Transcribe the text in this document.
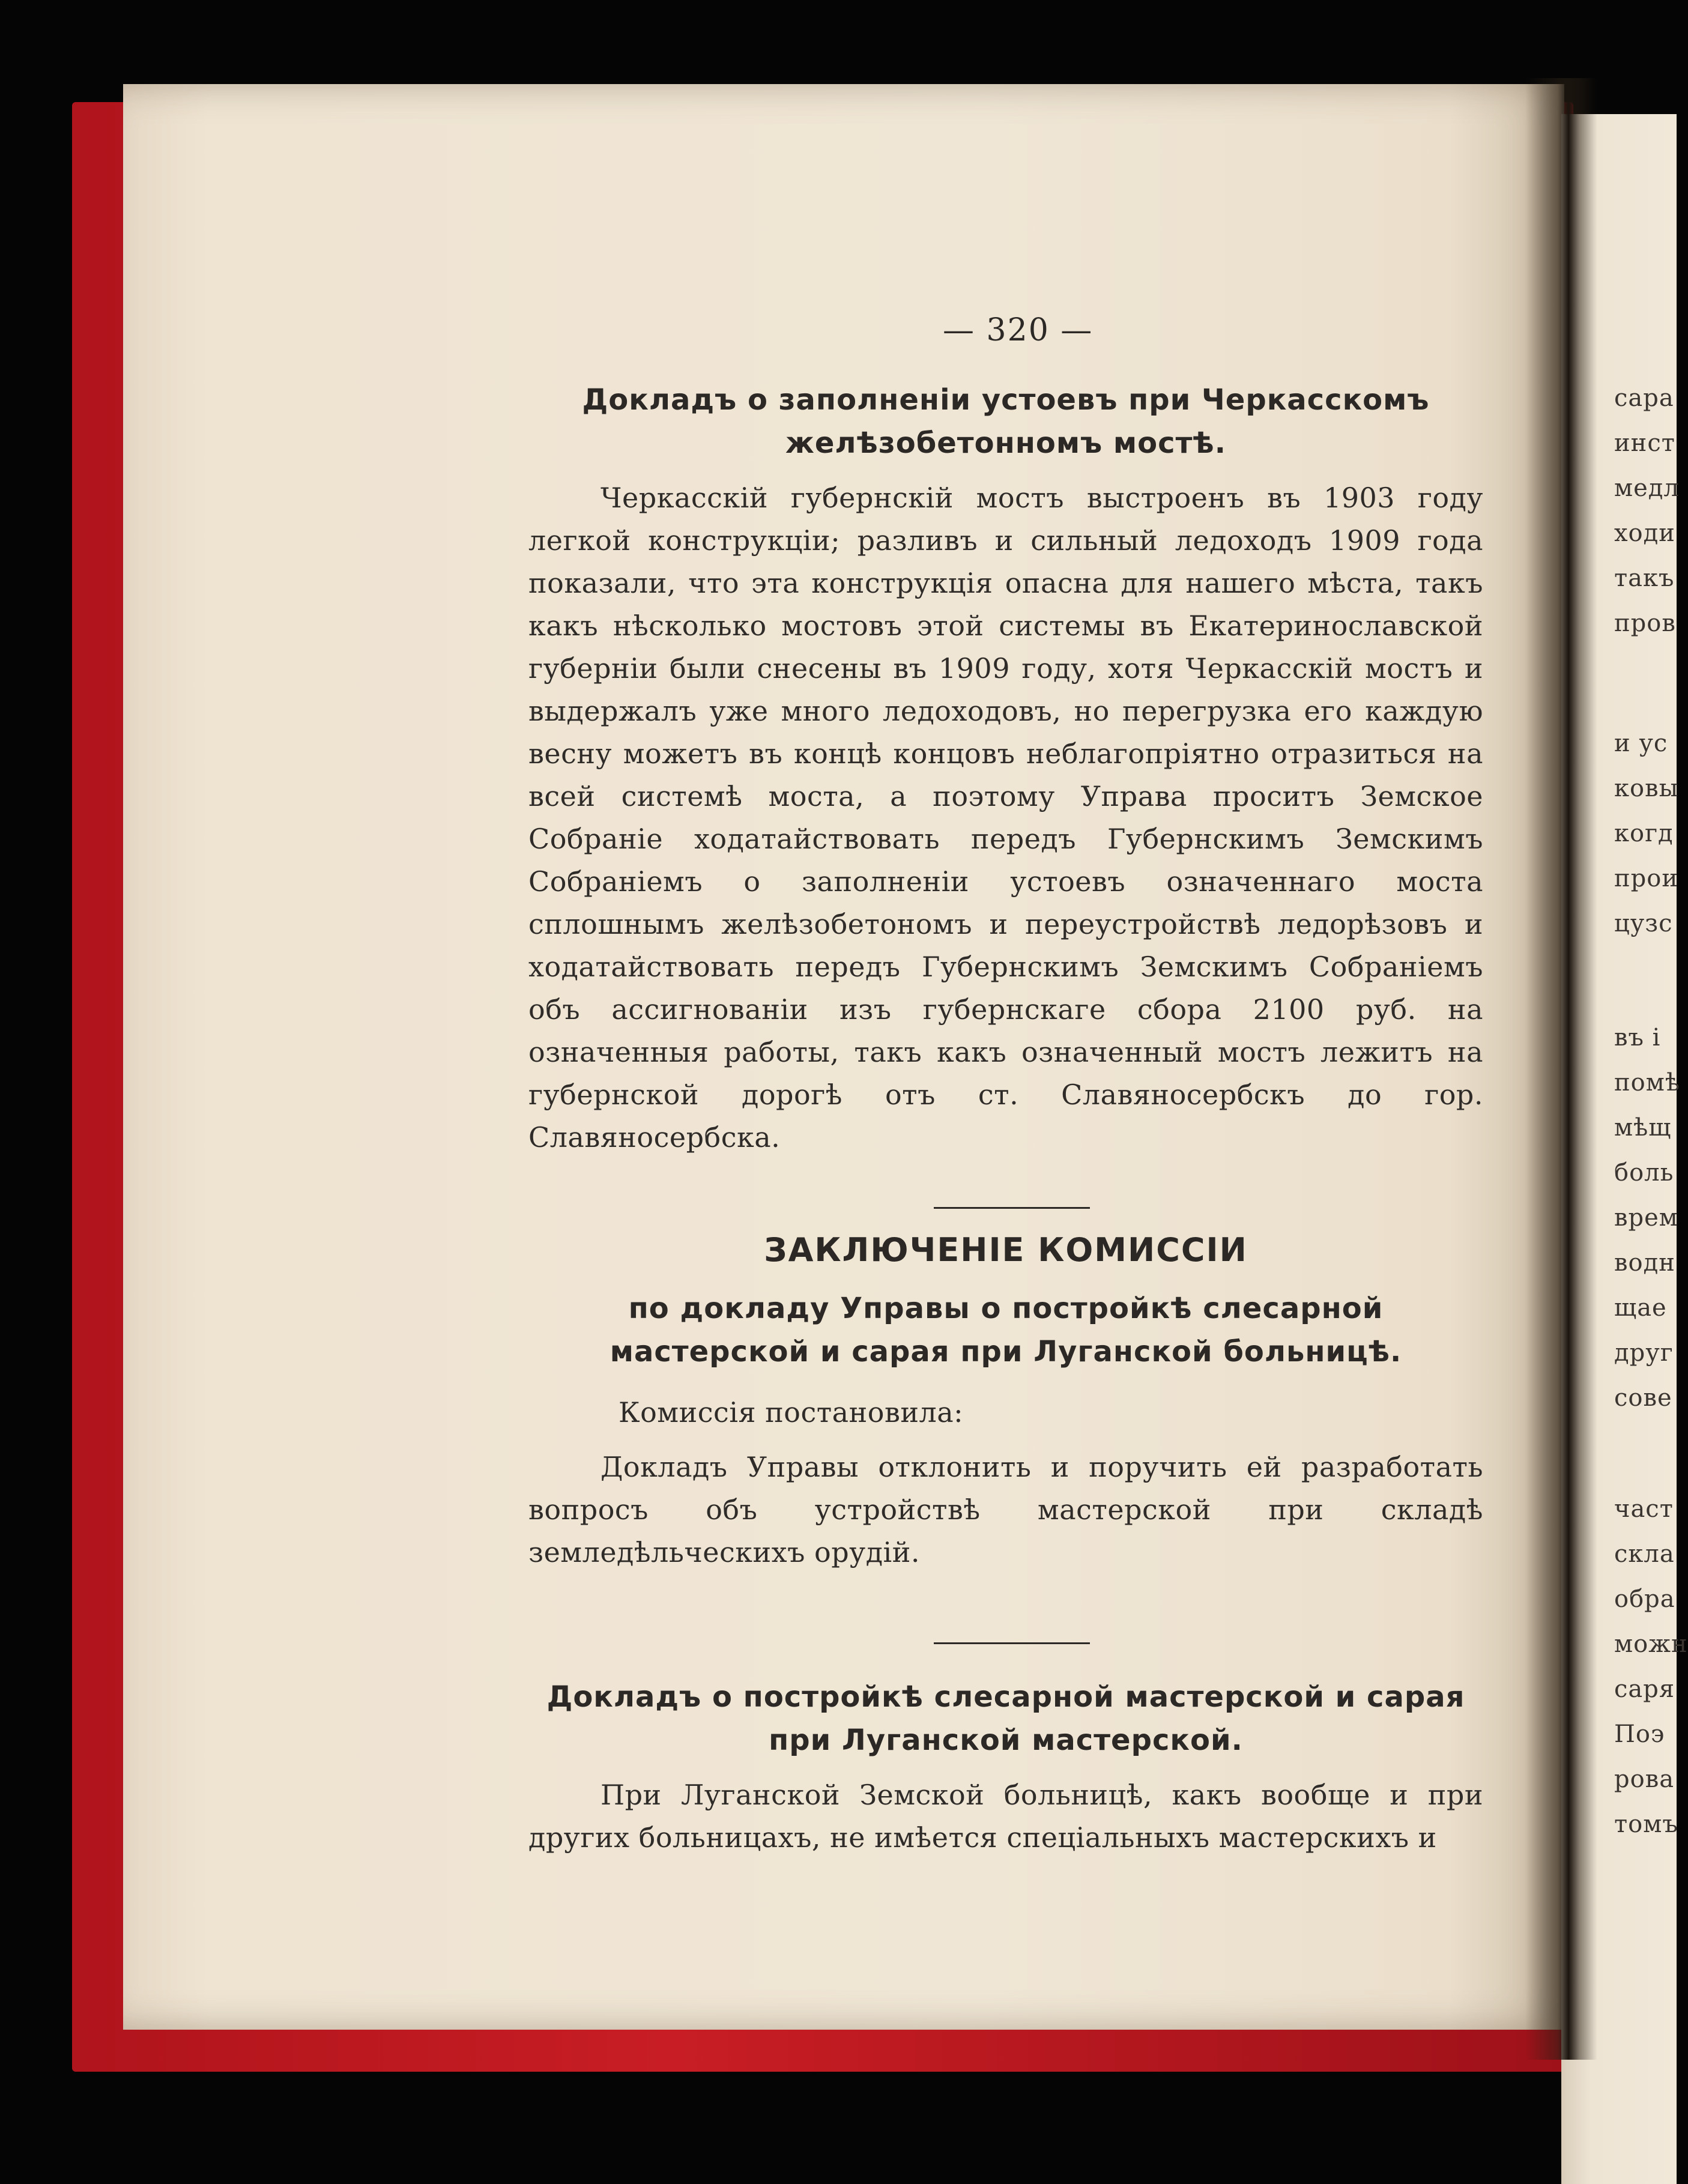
сара
инст
медл
ходи
такъ
пров
и ус
ковы
когд
прои
цузс
въ і
помѣ
мѣщ
боль
врем
водн
щае
друг
сове
част
скла
обра
можн
саря
Поэ
рова
томъ
— 320 —
Докладъ о заполненіи устоевъ при Черкасскомъ желѣзобетонномъ мостѣ.
Черкасскій губернскій мостъ выстроенъ въ 1903 году легкой конструкціи; разливъ и сильный ледоходъ 1909 года показали, что эта конструкція опасна для нашего мѣста, такъ какъ нѣсколько мостовъ этой системы въ Екатеринославской губерніи были снесены въ 1909 году, хотя Черкасскій мостъ и выдержалъ уже много ледоходовъ, но перегрузка его каждую весну можетъ въ концѣ концовъ неблагопріятно отразиться на всей системѣ моста, а поэтому Управа проситъ Земское Собраніе ходатайствовать передъ Губернскимъ Земскимъ Собраніемъ о заполненіи устоевъ означеннаго моста сплошнымъ желѣзобетономъ и переустройствѣ ледорѣзовъ и ходатайствовать передъ Губернскимъ Земскимъ Собраніемъ объ ассигнованіи изъ губернскаге сбора 2100 руб. на означенныя работы, такъ какъ означенный мостъ лежитъ на губернской дорогѣ отъ ст. Славяносербскъ до гор. Славяносербска.
ЗАКЛЮЧЕНІЕ КОМИССІИ
по докладу Управы о постройкѣ слесарной мастерской и сарая при Луганской больницѣ.
Комиссія постановила:
Докладъ Управы отклонить и поручить ей разработать вопросъ объ устройствѣ мастерской при складѣ земледѣльческихъ орудій.
Докладъ о постройкѣ слесарной мастерской и сарая при Луганской мастерской.
При Луганской Земской больницѣ, какъ вообще и при других больницахъ, не имѣется спеціальныхъ мастерскихъ и
